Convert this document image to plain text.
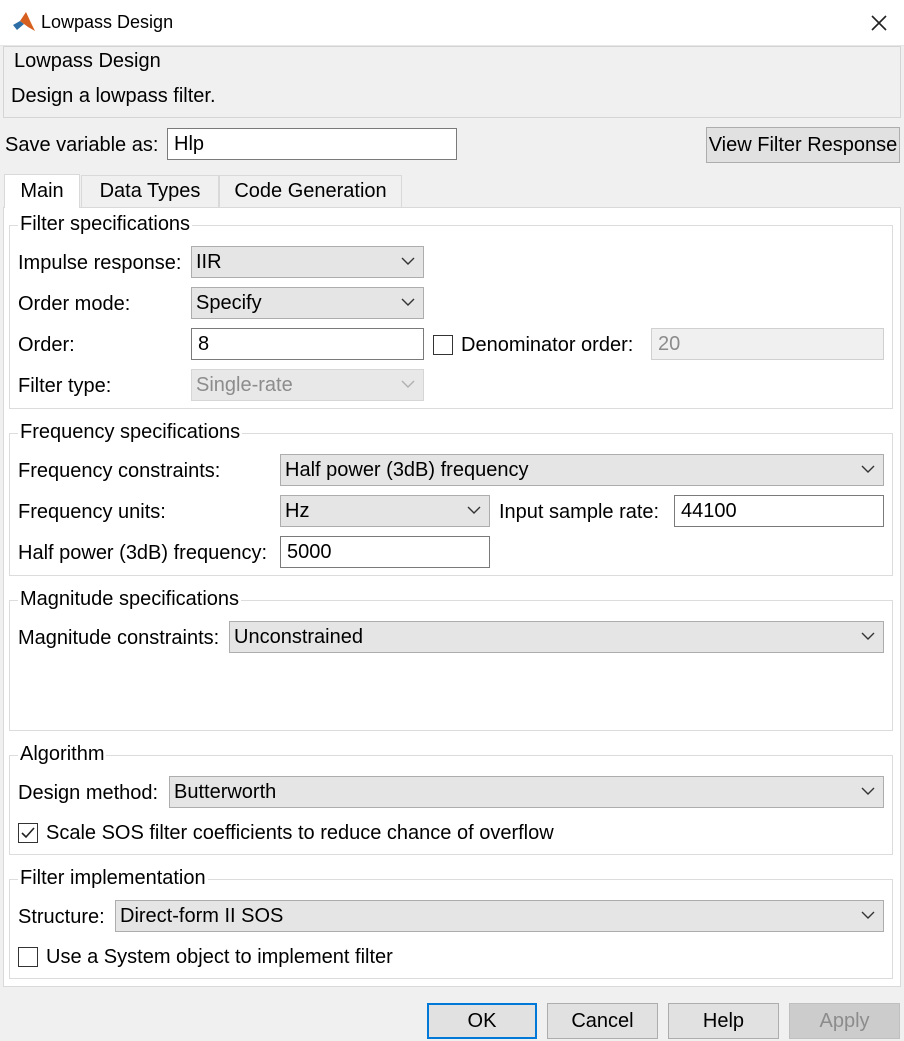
Lowpass Design
Lowpass Design
Design a lowpass filter.
Save variable as: Hlp	View Filter Response
Main	Data Types	Code Generation
Filter specifications
Impulse response: IIR
Order mode:	Specify
Order:	8	Denominator order:	20
Filter type:	Single-rate
Frequency specifications
Frequency constraints:	Half power (3dB) frequency
Frequency units:	Hz	Input sample rate:	44100
Half power (3dB) frequency: 5000
Magnitude specifications
Magnitude constraints: Unconstrained
Algorithm
Design method: Butterworth
Scale SOS filter coefficients to reduce chance of overflow
Filter implementation
Structure: Direct-form II SOS
Use a System object to implement filter
OK	Cancel	Help	Apply
